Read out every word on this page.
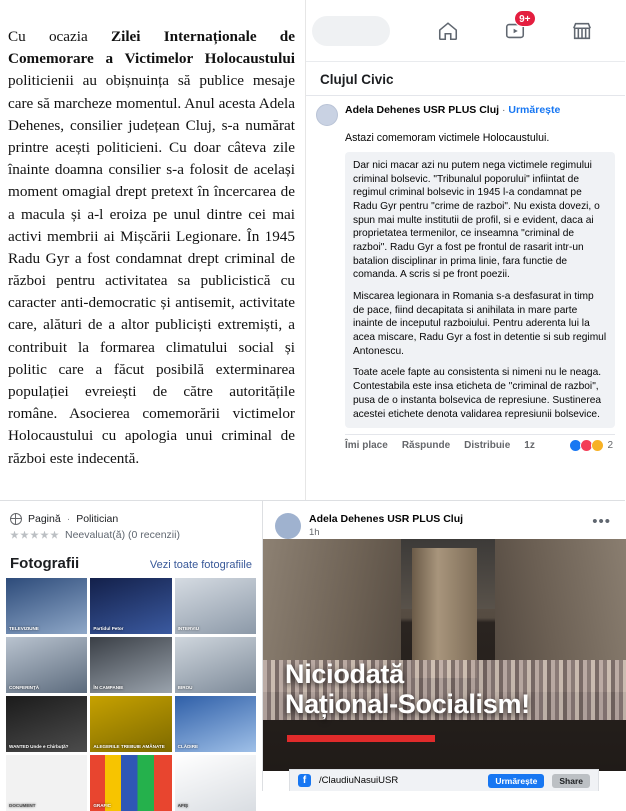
Cu ocazia Zilei Internaționale de Comemorare a Victimelor Holocaustului politicienii au obișnuința să publice mesaje care să marcheze momentul. Anul acesta Adela Dehenes, consilier județean Cluj, s-a numărat printre acești politicieni. Cu doar câteva zile înainte doamna consilier s-a folosit de același moment omagial drept pretext în încercarea de a macula și a-l eroiza pe unul dintre cei mai activi membrii ai Mișcării Legionare. În 1945 Radu Gyr a fost condamnat drept criminal de război pentru activitatea sa publicistică cu caracter anti-democratic și antisemit, activitate care, alături de a altor publiciști extremiști, a contribuit la formarea climatului social și politic care a făcut posibilă exterminarea populației evreiești de către autoritățile române. Asocierea comemorării victimelor Holocaustului cu apologia unui criminal de război este indecentă.

9+
Clujul Civic
Adela Dehenes USR PLUS Cluj · Urmărește
Astazi comemoram victimele Holocaustului.

Dar nici macar azi nu putem nega victimele regimului criminal bolsevic. "Tribunalul poporului" infiintat de regimul criminal bolsevic in 1945 l-a condamnat pe Radu Gyr pentru "crime de razboi". Nu exista dovezi, o spun mai multe institutii de profil, si e evident, daca ai proprietatea termenilor, ce inseamna "criminal de razboi". Radu Gyr a fost pe frontul de rasarit intr-un batalion disciplinar in prima linie, fara functie de comanda. A scris si pe front poezii.

Miscarea legionara in Romania s-a desfasurat in timp de pace, fiind decapitata si anihilata in mare parte inainte de inceputul razboiului. Pentru aderenta lui la acea miscare, Radu Gyr a fost in detentie si sub regimul Antonescu.

Toate acele fapte au consistenta si nimeni nu le neaga. Contestabila este insa eticheta de "criminal de razboi", pusa de o instanta bolsevica de represiune. Sustinerea acestei etichete denota validarea represiunii bolsevice.

Îmi place Răspunde Distribuie 1z	2
Pagină · Politician
Neevaluat(ă) (0 recenzii)
Fotografii	Vezi toate fotografiile
TELEVIZIUNE	Partidul Petor	INTERVIU
CONFERINȚĂ	ÎN CAMPANIE	BIROU
WANTED Unde e Chirbuță?	ALEGERILE TREBUIE AMÂNATE	CLĂDIRE
DOCUMENT	GRAFIC	AFIȘ
Adela Dehenes USR PLUS Cluj
1h
•••
Niciodată
Național-Socialism!
f	/ClaudiuNasuiUSR	Urmărește	Share
